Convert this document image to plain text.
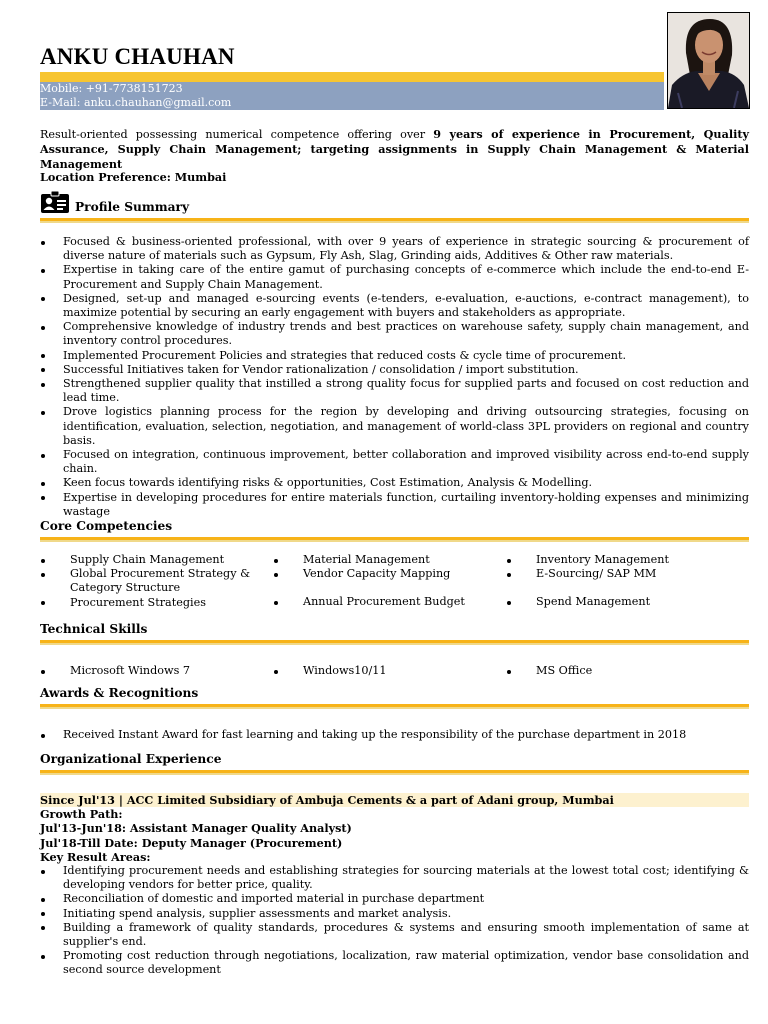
ANKU CHAUHAN
Mobile: +91-7738151723
E-Mail: anku.chauhan@gmail.com
Result-oriented possessing numerical competence offering over 9 years of experience in Procurement, Quality Assurance, Supply Chain Management; targeting assignments in Supply Chain Management & Material Management
Location Preference: Mumbai
Profile Summary
Focused & business-oriented professional, with over 9 years of experience in strategic sourcing & procurement of diverse nature of materials such as Gypsum, Fly Ash, Slag, Grinding aids, Additives & Other raw materials.
Expertise in taking care of the entire gamut of purchasing concepts of e-commerce which include the end-to-end E-Procurement and Supply Chain Management.
Designed, set-up and managed e-sourcing events (e-tenders, e-evaluation, e-auctions, e-contract management), to maximize potential by securing an early engagement with buyers and stakeholders as appropriate.
Comprehensive knowledge of industry trends and best practices on warehouse safety, supply chain management, and inventory control procedures.
Implemented Procurement Policies and strategies that reduced costs & cycle time of procurement.
Successful Initiatives taken for Vendor rationalization / consolidation / import substitution.
Strengthened supplier quality that instilled a strong quality focus for supplied parts and focused on cost reduction and lead time.
Drove logistics planning process for the region by developing and driving outsourcing strategies, focusing on identification, evaluation, selection, negotiation, and management of world-class 3PL providers on regional and country basis.
Focused on integration, continuous improvement, better collaboration and improved visibility across end-to-end supply chain.
Keen focus towards identifying risks & opportunities, Cost Estimation, Analysis & Modelling.
Expertise in developing procedures for entire materials function, curtailing inventory-holding expenses and minimizing wastage
Core Competencies
Supply Chain Management
Global Procurement Strategy & Category Structure
Procurement Strategies
Material Management
Vendor Capacity Mapping
Annual Procurement Budget
Inventory Management
E-Sourcing/ SAP MM
Spend Management
Technical Skills
Microsoft Windows 7	Windows10/11	MS Office
Awards & Recognitions
Received Instant Award for fast learning and taking up the responsibility of the purchase department in 2018
Organizational Experience
Since Jul'13 | ACC Limited Subsidiary of Ambuja Cements & a part of Adani group, Mumbai
Growth Path:
Jul'13-Jun'18: Assistant Manager Quality Analyst)
Jul'18-Till Date: Deputy Manager (Procurement)
Key Result Areas:
Identifying procurement needs and establishing strategies for sourcing materials at the lowest total cost; identifying & developing vendors for better price, quality.
Reconciliation of domestic and imported material in purchase department
Initiating spend analysis, supplier assessments and market analysis.
Building a framework of quality standards, procedures & systems and ensuring smooth implementation of same at supplier's end.
Promoting cost reduction through negotiations, localization, raw material optimization, vendor base consolidation and second source development
